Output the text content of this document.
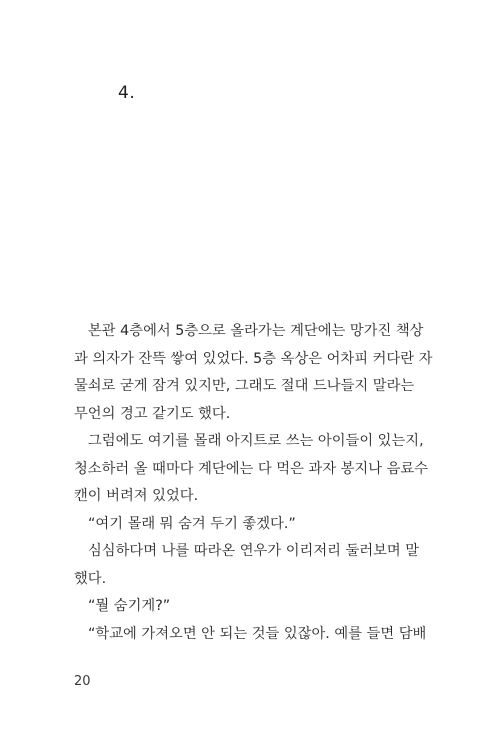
4.

본관 4층에서 5층으로 올라가는 계단에는 망가진 책상
과 의자가 잔뜩 쌓여 있었다. 5층 옥상은 어차피 커다란 자
물쇠로 굳게 잠겨 있지만, 그래도 절대 드나들지 말라는
무언의 경고 같기도 했다.

그럼에도 여기를 몰래 아지트로 쓰는 아이들이 있는지,
청소하러 올 때마다 계단에는 다 먹은 과자 봉지나 음료수
캔이 버려져 있었다.

“여기 몰래 뭐 숨겨 두기 좋겠다.”

심심하다며 나를 따라온 연우가 이리저리 둘러보며 말
했다.

“뭘 숨기게?”

“학교에 가져오면 안 되는 것들 있잖아. 예를 들면 담배

20
